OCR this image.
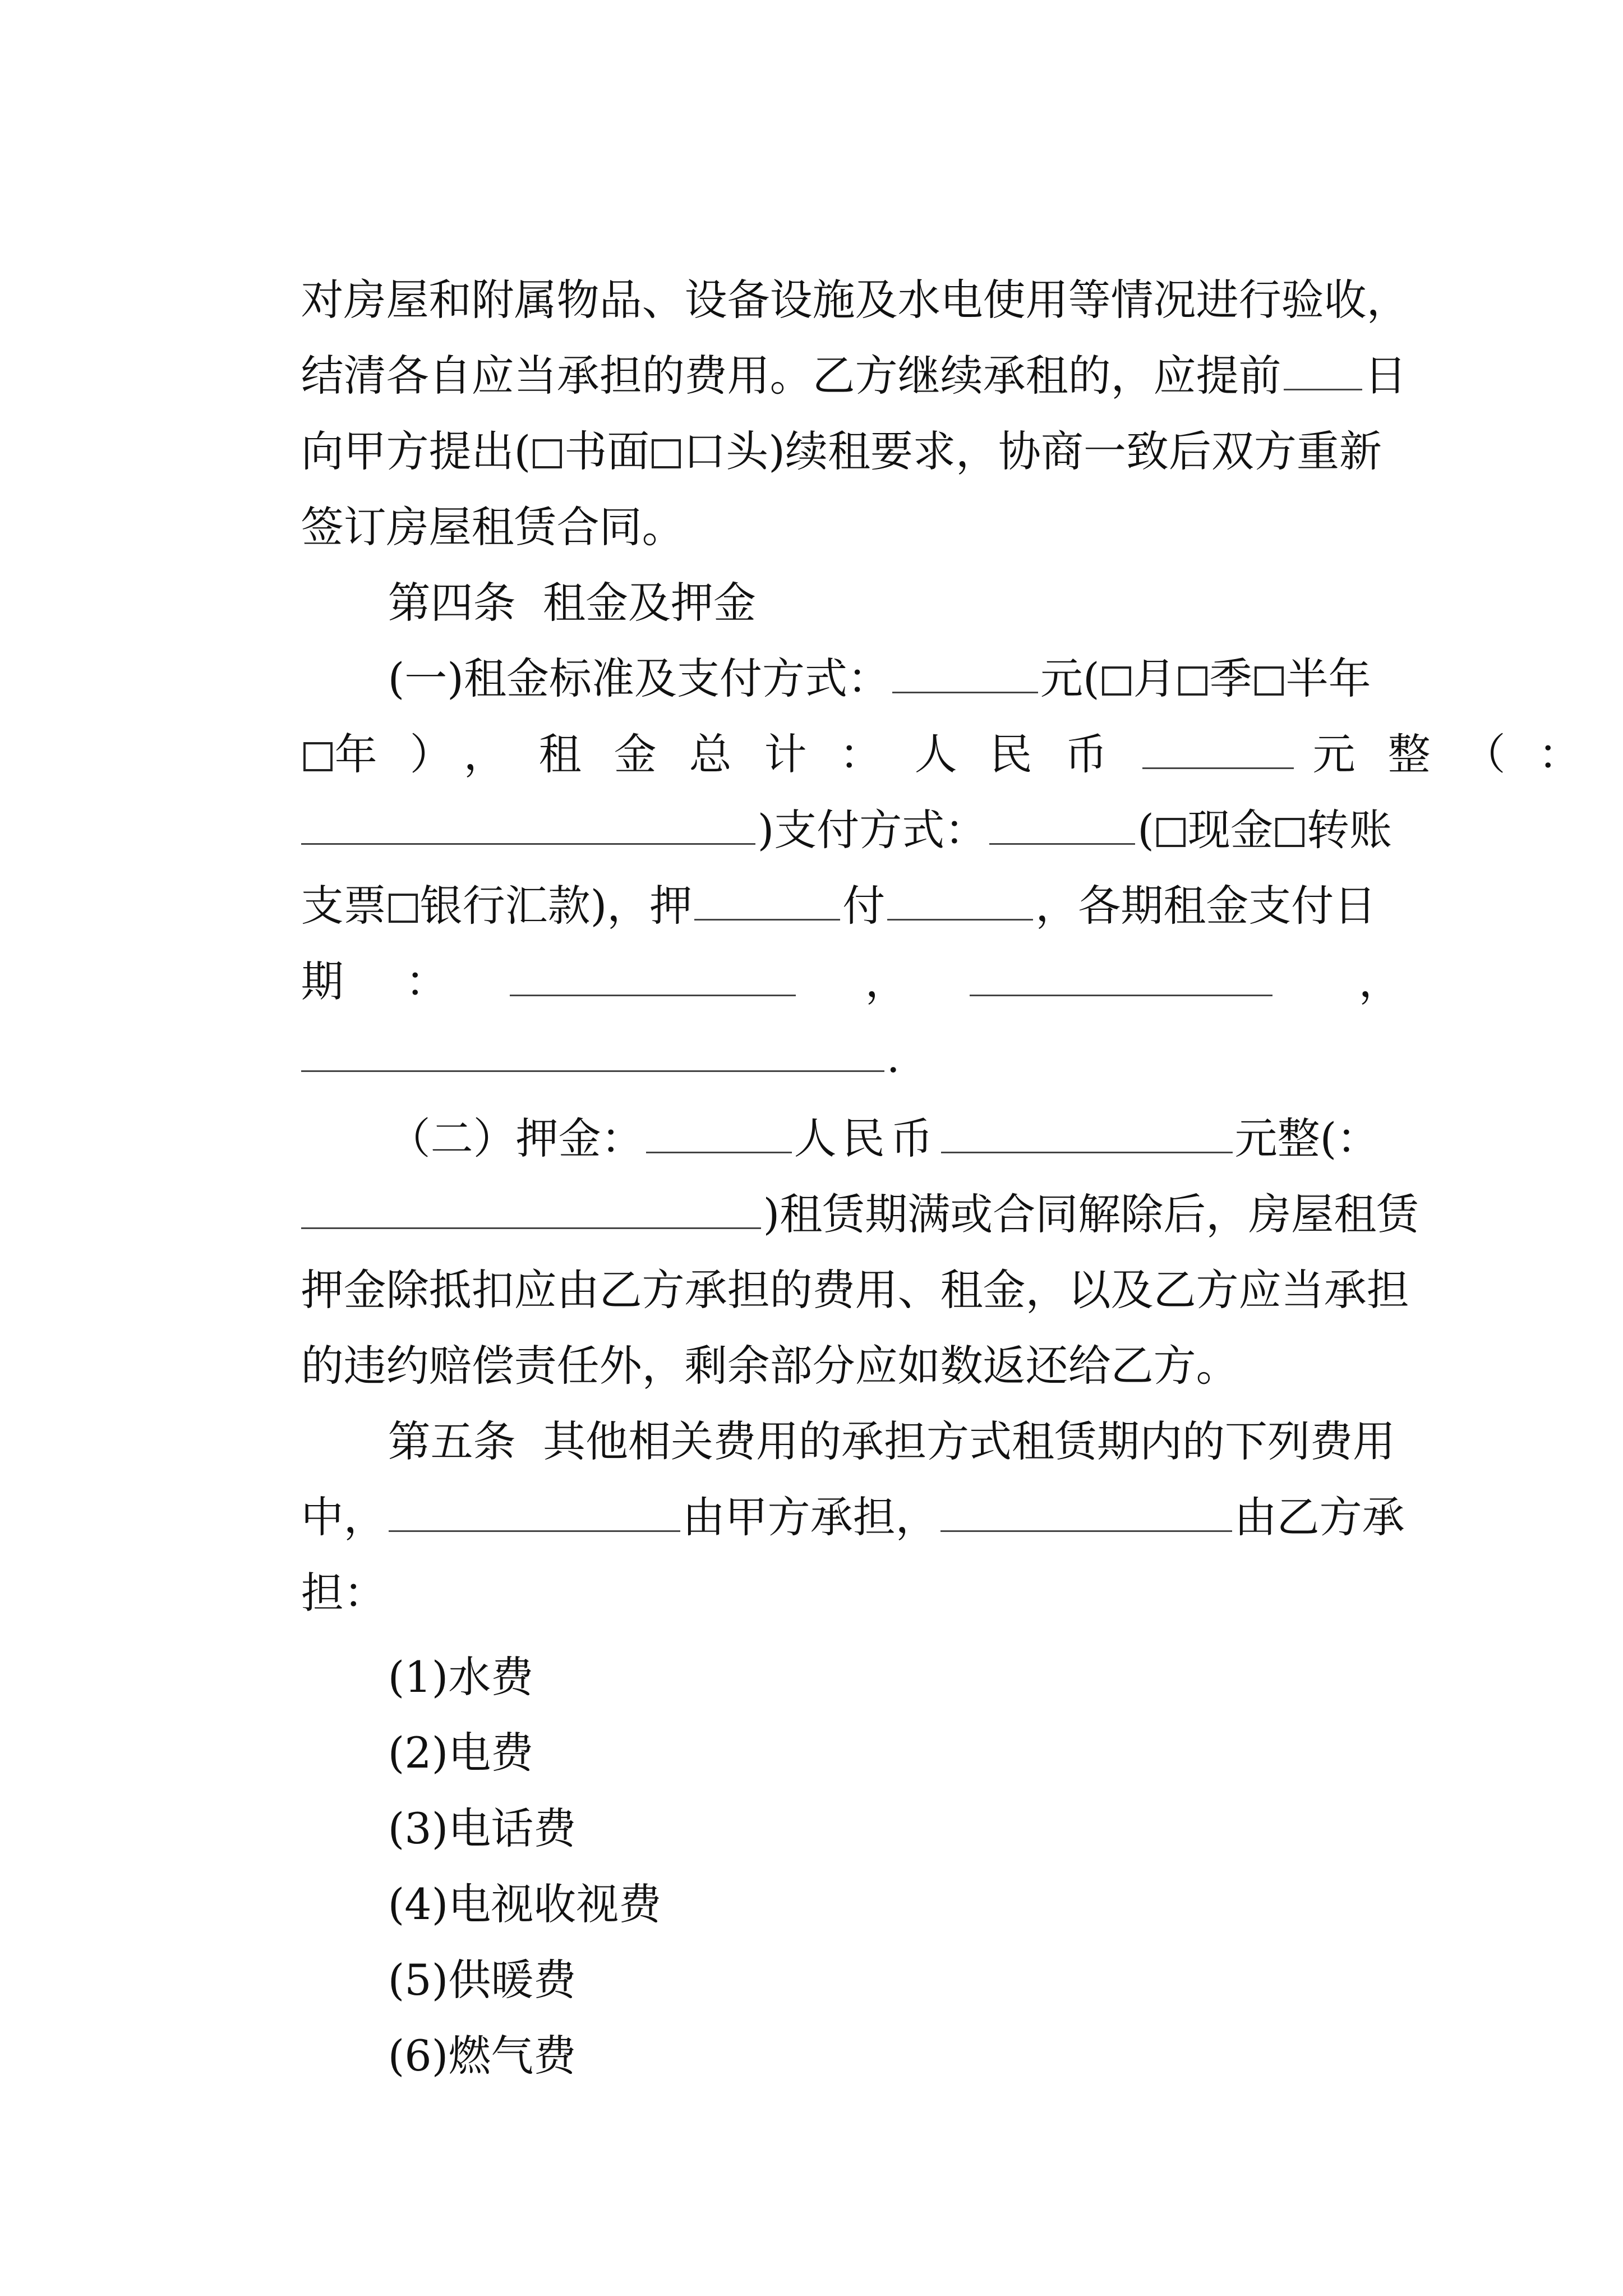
对房屋和附属物品、设备设施及水电使用等情况进行验收，

结清各自应当承担的费用。乙方继续承租的，应提前 日

向甲方提出( 书面 口头)续租要求，协商一致后双方重新

签订房屋租赁合同。

第四条  租金及押金

(一)租金标准及支付方式：	元( 月 季 半年

年），租金总计：人民币	元整（：

)支付方式：	( 现金 转账

支票 银行汇款)，押	付	，各期租金支付日

期 ：	，	，

.

（二）押金：	人民币	元整(：

)租赁期满或合同解除后，房屋租赁

押金除抵扣应由乙方承担的费用、租金，以及乙方应当承担

的违约赔偿责任外，剩余部分应如数返还给乙方。

第五条  其他相关费用的承担方式租赁期内的下列费用

中，	由甲方承担，	由乙方承

担：

(1)水费

(2)电费

(3)电话费

(4)电视收视费

(5)供暖费

(6)燃气费
